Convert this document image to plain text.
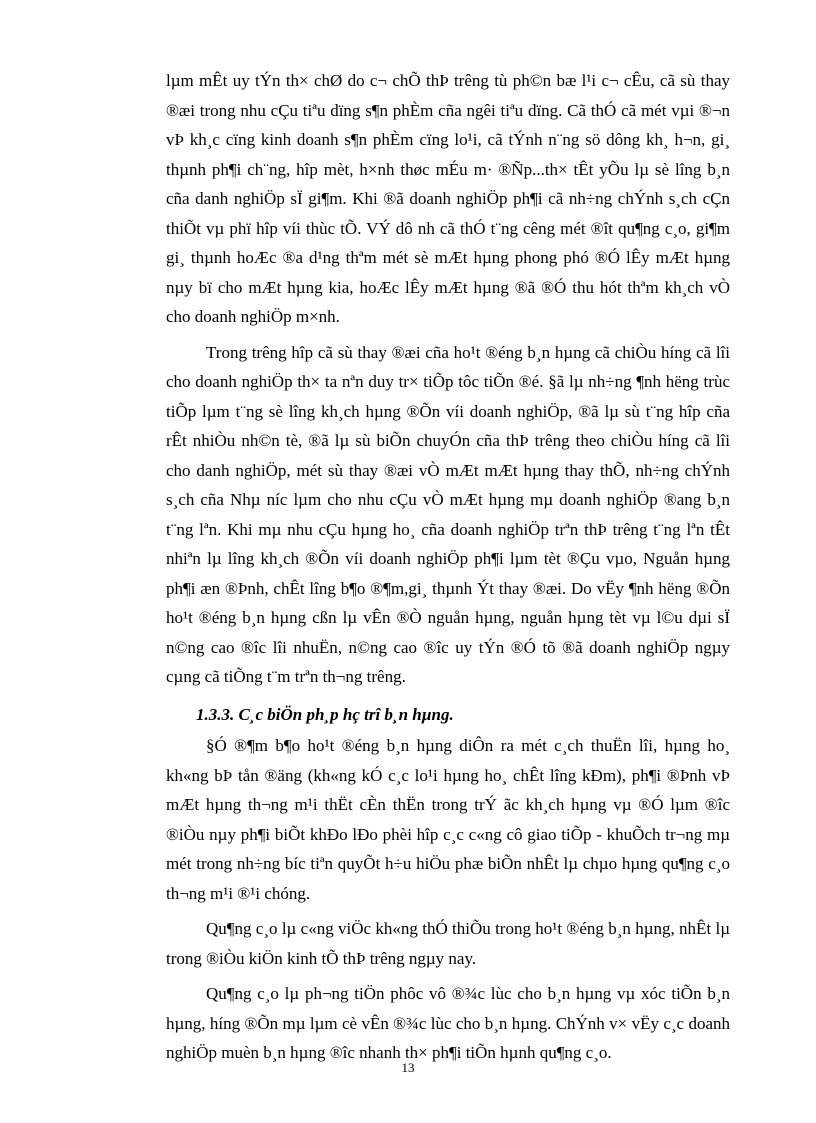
lµm mÊt uy tÝn th× chØ do c¬ chÕ thÞ trêng tù ph©n bæ l¹i c¬ cÊu, cã sù thay ®æi trong nhu cÇu tiªu dïng s¶n phÈm cña ngêi tiªu dïng. Cã thÓ cã mét vµi ®¬n vÞ kh¸c cïng kinh doanh s¶n phÈm cïng lo¹i, cã tÝnh n¨ng sö dông kh¸ h¬n, gi¸ thµnh ph¶i ch¨ng, hîp mèt, h×nh thøc mÉu m· ®Ñp...th× tÊt yÕu lµ sè lîng b¸n cña danh nghiÖp sÏ gi¶m. Khi ®ã doanh nghiÖp ph¶i cã nh÷ng chÝnh s¸ch cÇn thiÕt vµ phï hîp víi thùc tÕ. VÝ dô nh cã thÓ t¨ng cêng mét ®ît qu¶ng c¸o, gi¶m gi¸ thµnh hoÆc ®a d¹ng thªm mét sè mÆt hµng phong phó ®Ó lÊy mÆt hµng nµy bï cho mÆt hµng kia, hoÆc lÊy mÆt hµng ®ã ®Ó thu hót thªm kh¸ch vÒ cho doanh nghiÖp m×nh.

Trong trêng hîp cã sù thay ®æi cña ho¹t ®éng b¸n hµng cã chiÒu híng cã lîi cho doanh nghiÖp th× ta nªn duy tr× tiÕp tôc tiÕn ®é. §ã lµ nh÷ng ¶nh hëng trùc tiÕp lµm t¨ng sè lîng kh¸ch hµng ®Õn víi doanh nghiÖp, ®ã lµ sù t¨ng hîp cña rÊt nhiÒu nh©n tè, ®ã lµ sù biÕn chuyÓn cña thÞ trêng theo chiÒu híng cã lîi cho danh nghiÖp, mét sù thay ®æi vÒ mÆt mÆt hµng thay thÕ, nh÷ng chÝnh s¸ch cña Nhµ níc lµm cho nhu cÇu vÒ mÆt hµng mµ doanh nghiÖp ®ang b¸n t¨ng lªn. Khi mµ nhu cÇu hµng ho¸ cña doanh nghiÖp trªn thÞ trêng t¨ng lªn tÊt nhiªn lµ lîng kh¸ch ®Õn víi doanh nghiÖp ph¶i lµm tèt ®Çu vµo, Nguån hµng ph¶i æn ®Þnh, chÊt lîng b¶o ®¶m,gi¸ thµnh Ýt thay ®æi. Do vËy ¶nh hëng ®Õn ho¹t ®éng b¸n hµng cßn lµ vÊn ®Ò nguån hµng, nguån hµng tèt vµ l©u dµi sÏ n©ng cao ®îc lîi nhuËn, n©ng cao ®îc uy tÝn ®Ó tõ ®ã doanh nghiÖp ngµy cµng cã tiÕng t¨m trªn th¬ng trêng.

1.3.3. C¸c biÖn ph¸p hç trî b¸n hµng.

§Ó ®¶m b¶o ho¹t ®éng b¸n hµng diÔn ra mét c¸ch thuËn lîi, hµng ho¸ kh«ng bÞ tån ®äng (kh«ng kÓ c¸c lo¹i hµng ho¸ chÊt lîng kÐm), ph¶i ®Þnh vÞ mÆt hµng th¬ng m¹i thËt cÈn thËn trong trÝ ãc kh¸ch hµng vµ ®Ó lµm ®îc ®iÒu nµy ph¶i biÕt khÐo lÐo phèi hîp c¸c c«ng cô giao tiÕp - khuÕch tr¬ng mµ mét trong nh÷ng bíc tiªn quyÕt h÷u hiÖu phæ biÕn nhÊt lµ chµo hµng qu¶ng c¸o th¬ng m¹i ®¹i chóng.

Qu¶ng c¸o lµ c«ng viÖc kh«ng thÓ thiÕu trong ho¹t ®éng b¸n hµng, nhÊt lµ trong ®iÒu kiÖn kinh tÕ thÞ trêng ngµy nay.

Qu¶ng c¸o lµ ph¬ng tiÖn phôc vô ®¾c lùc cho b¸n hµng vµ xóc tiÕn b¸n hµng, híng ®Õn mµ lµm cè vÊn ®¾c lùc cho b¸n hµng. ChÝnh v× vËy c¸c doanh nghiÖp muèn b¸n hµng ®îc nhanh th× ph¶i tiÕn hµnh qu¶ng c¸o.

13
